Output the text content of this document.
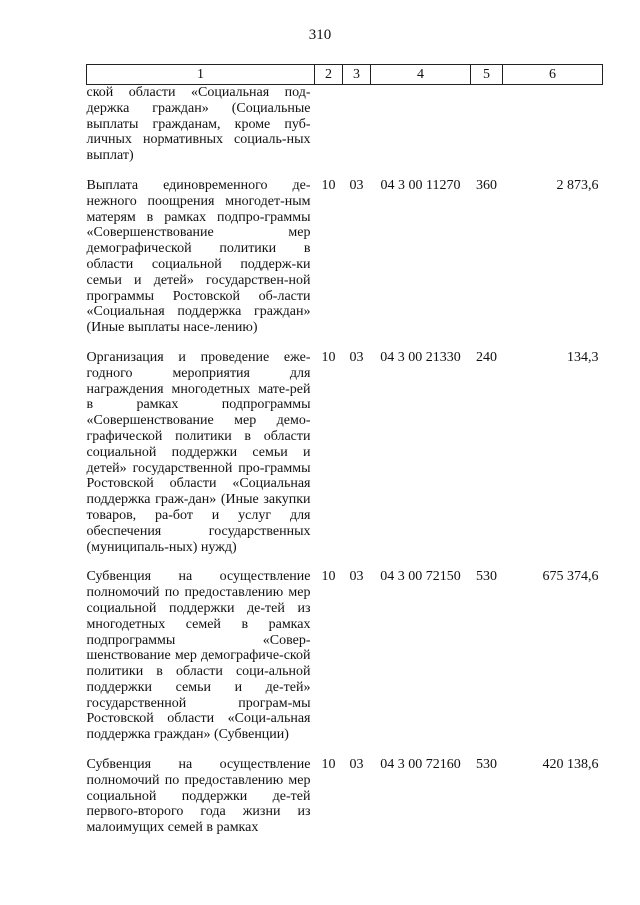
310
1	2	3	4	5	6
ской области «Социальная под-держка граждан» (Социальные выплаты гражданам, кроме пуб-личных нормативных социаль-ных выплат)					

Выплата единовременного де-нежного поощрения многодет-ным матерям в рамках подпро-граммы «Совершенствование мер демографической политики в области социальной поддерж-ки семьи и детей» государствен-ной программы Ростовской об-ласти «Социальная поддержка граждан» (Иные выплаты насе-лению)	10	03	04 3 00 11270	360	2 873,6

Организация и проведение еже-годного мероприятия для награждения многодетных мате-рей в рамках подпрограммы «Совершенствование мер демо-графической политики в области социальной поддержки семьи и детей» государственной про-граммы Ростовской области «Социальная поддержка граж-дан» (Иные закупки товаров, ра-бот и услуг для обеспечения государственных (муниципаль-ных) нужд)	10	03	04 3 00 21330	240	134,3

Субвенция на осуществление полномочий по предоставлению мер социальной поддержки де-тей из многодетных семей в рамках подпрограммы «Совер-шенствование мер демографиче-ской политики в области соци-альной поддержки семьи и де-тей» государственной програм-мы Ростовской области «Соци-альная поддержка граждан» (Субвенции)	10	03	04 3 00 72150	530	675 374,6

Субвенция на осуществление полномочий по предоставлению мер социальной поддержки де-тей первого-второго года жизни из малоимущих семей в рамках	10	03	04 3 00 72160	530	420 138,6
